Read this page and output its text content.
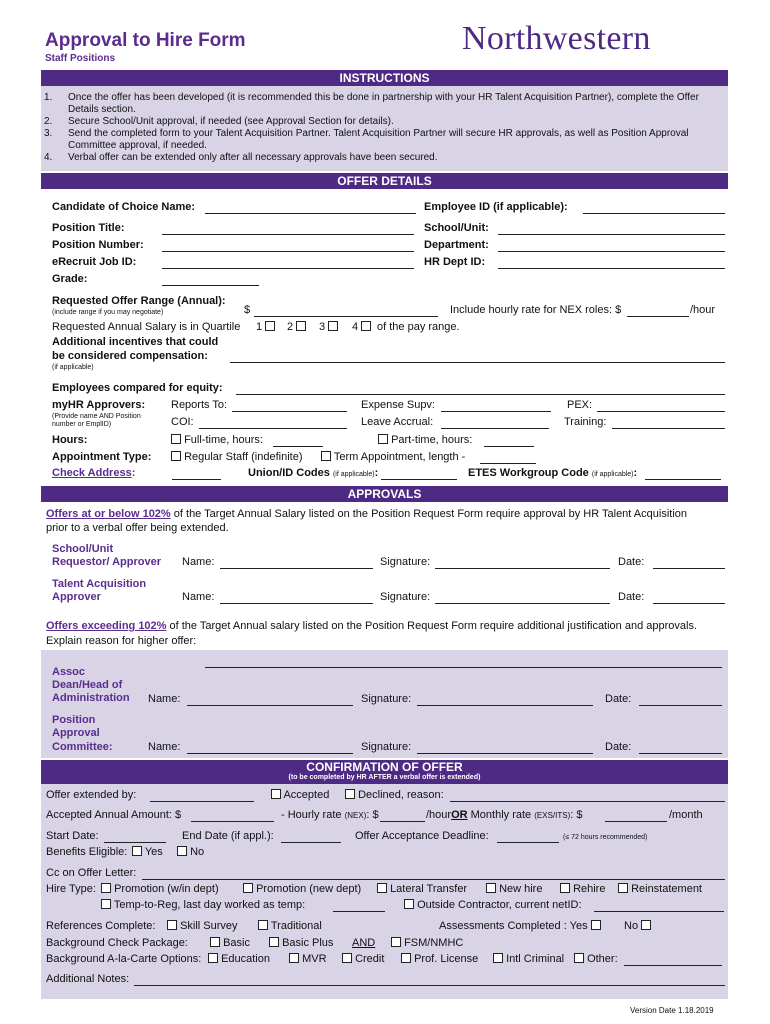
Approval to Hire Form
Staff Positions
Northwestern
INSTRUCTIONS
1. Once the offer has been developed (it is recommended this be done in partnership with your HR Talent Acquisition Partner), complete the Offer
Details section.
2. Secure School/Unit approval, if needed (see Approval Section for details).
3. Send the completed form to your Talent Acquisition Partner. Talent Acquisition Partner will secure HR approvals, as well as Position Approval
Committee approval, if needed.
4. Verbal offer can be extended only after all necessary approvals have been secured.
OFFER DETAILS
Candidate of Choice Name:	Employee ID (if applicable):
Position Title:	School/Unit:
Position Number:	Department:
eRecruit Job ID:	HR Dept ID:
Grade:
Requested Offer Range (Annual):
(include range if you may negotiate)	$	Include hourly rate for NEX roles: $	/hour
Requested Annual Salary is in Quartile 1	2	3	4	of the pay range.
Additional incentives that could
be considered compensation:
(if applicable)
Employees compared for equity:
myHR Approvers:
(Provide name AND Position
number or EmplID)
Reports To:	Expense Supv:	PEX:
COI:	Leave Accrual:	Training:
Hours:	Full-time, hours:	Part-time, hours:
Appointment Type:	Regular Staff (indefinite)	Term Appointment, length -
Check Address:	Union/ID Codes (if applicable):	ETES Workgroup Code (if applicable):
APPROVALS
Offers at or below 102% of the Target Annual Salary listed on the Position Request Form require approval by HR Talent Acquisition
prior to a verbal offer being extended.
School/Unit
Requestor/ Approver Name:	Signature:	Date:
Talent Acquisition
Approver	Name:	Signature:	Date:
Offers exceeding 102% of the Target Annual salary listed on the Position Request Form require additional justification and approvals.
Explain reason for higher offer:
Assoc
Dean/Head of
Administration Name:	Signature:	Date:
Position
Approval
Committee:	Name:	Signature:	Date:
CONFIRMATION OF OFFER
(to be completed by HR AFTER a verbal offer is extended)
Offer extended by:	Accepted	Declined, reason:
Accepted Annual Amount: $	- Hourly rate (NEX): $	/hourOR Monthly rate (EXS/ITS): $	/month
Start Date:	End Date (if appl.):	Offer Acceptance Deadline:	(≤ 72 hours recommended)
Benefits Eligible:	Yes	No
Cc on Offer Letter:
Hire Type:	Promotion (w/in dept)	Promotion (new dept)	Lateral Transfer	New hire	Rehire	Reinstatement
Temp-to-Reg, last day worked as temp:	Outside Contractor, current netID:
References Complete:	Skill Survey	Traditional	Assessments Completed : Yes	No
Background Check Package:	Basic	Basic Plus AND	FSM/NMHC
Background A-la-Carte Options:	Education	MVR	Credit	Prof. License	Intl Criminal	Other:
Additional Notes:
Version Date 1.18.2019
